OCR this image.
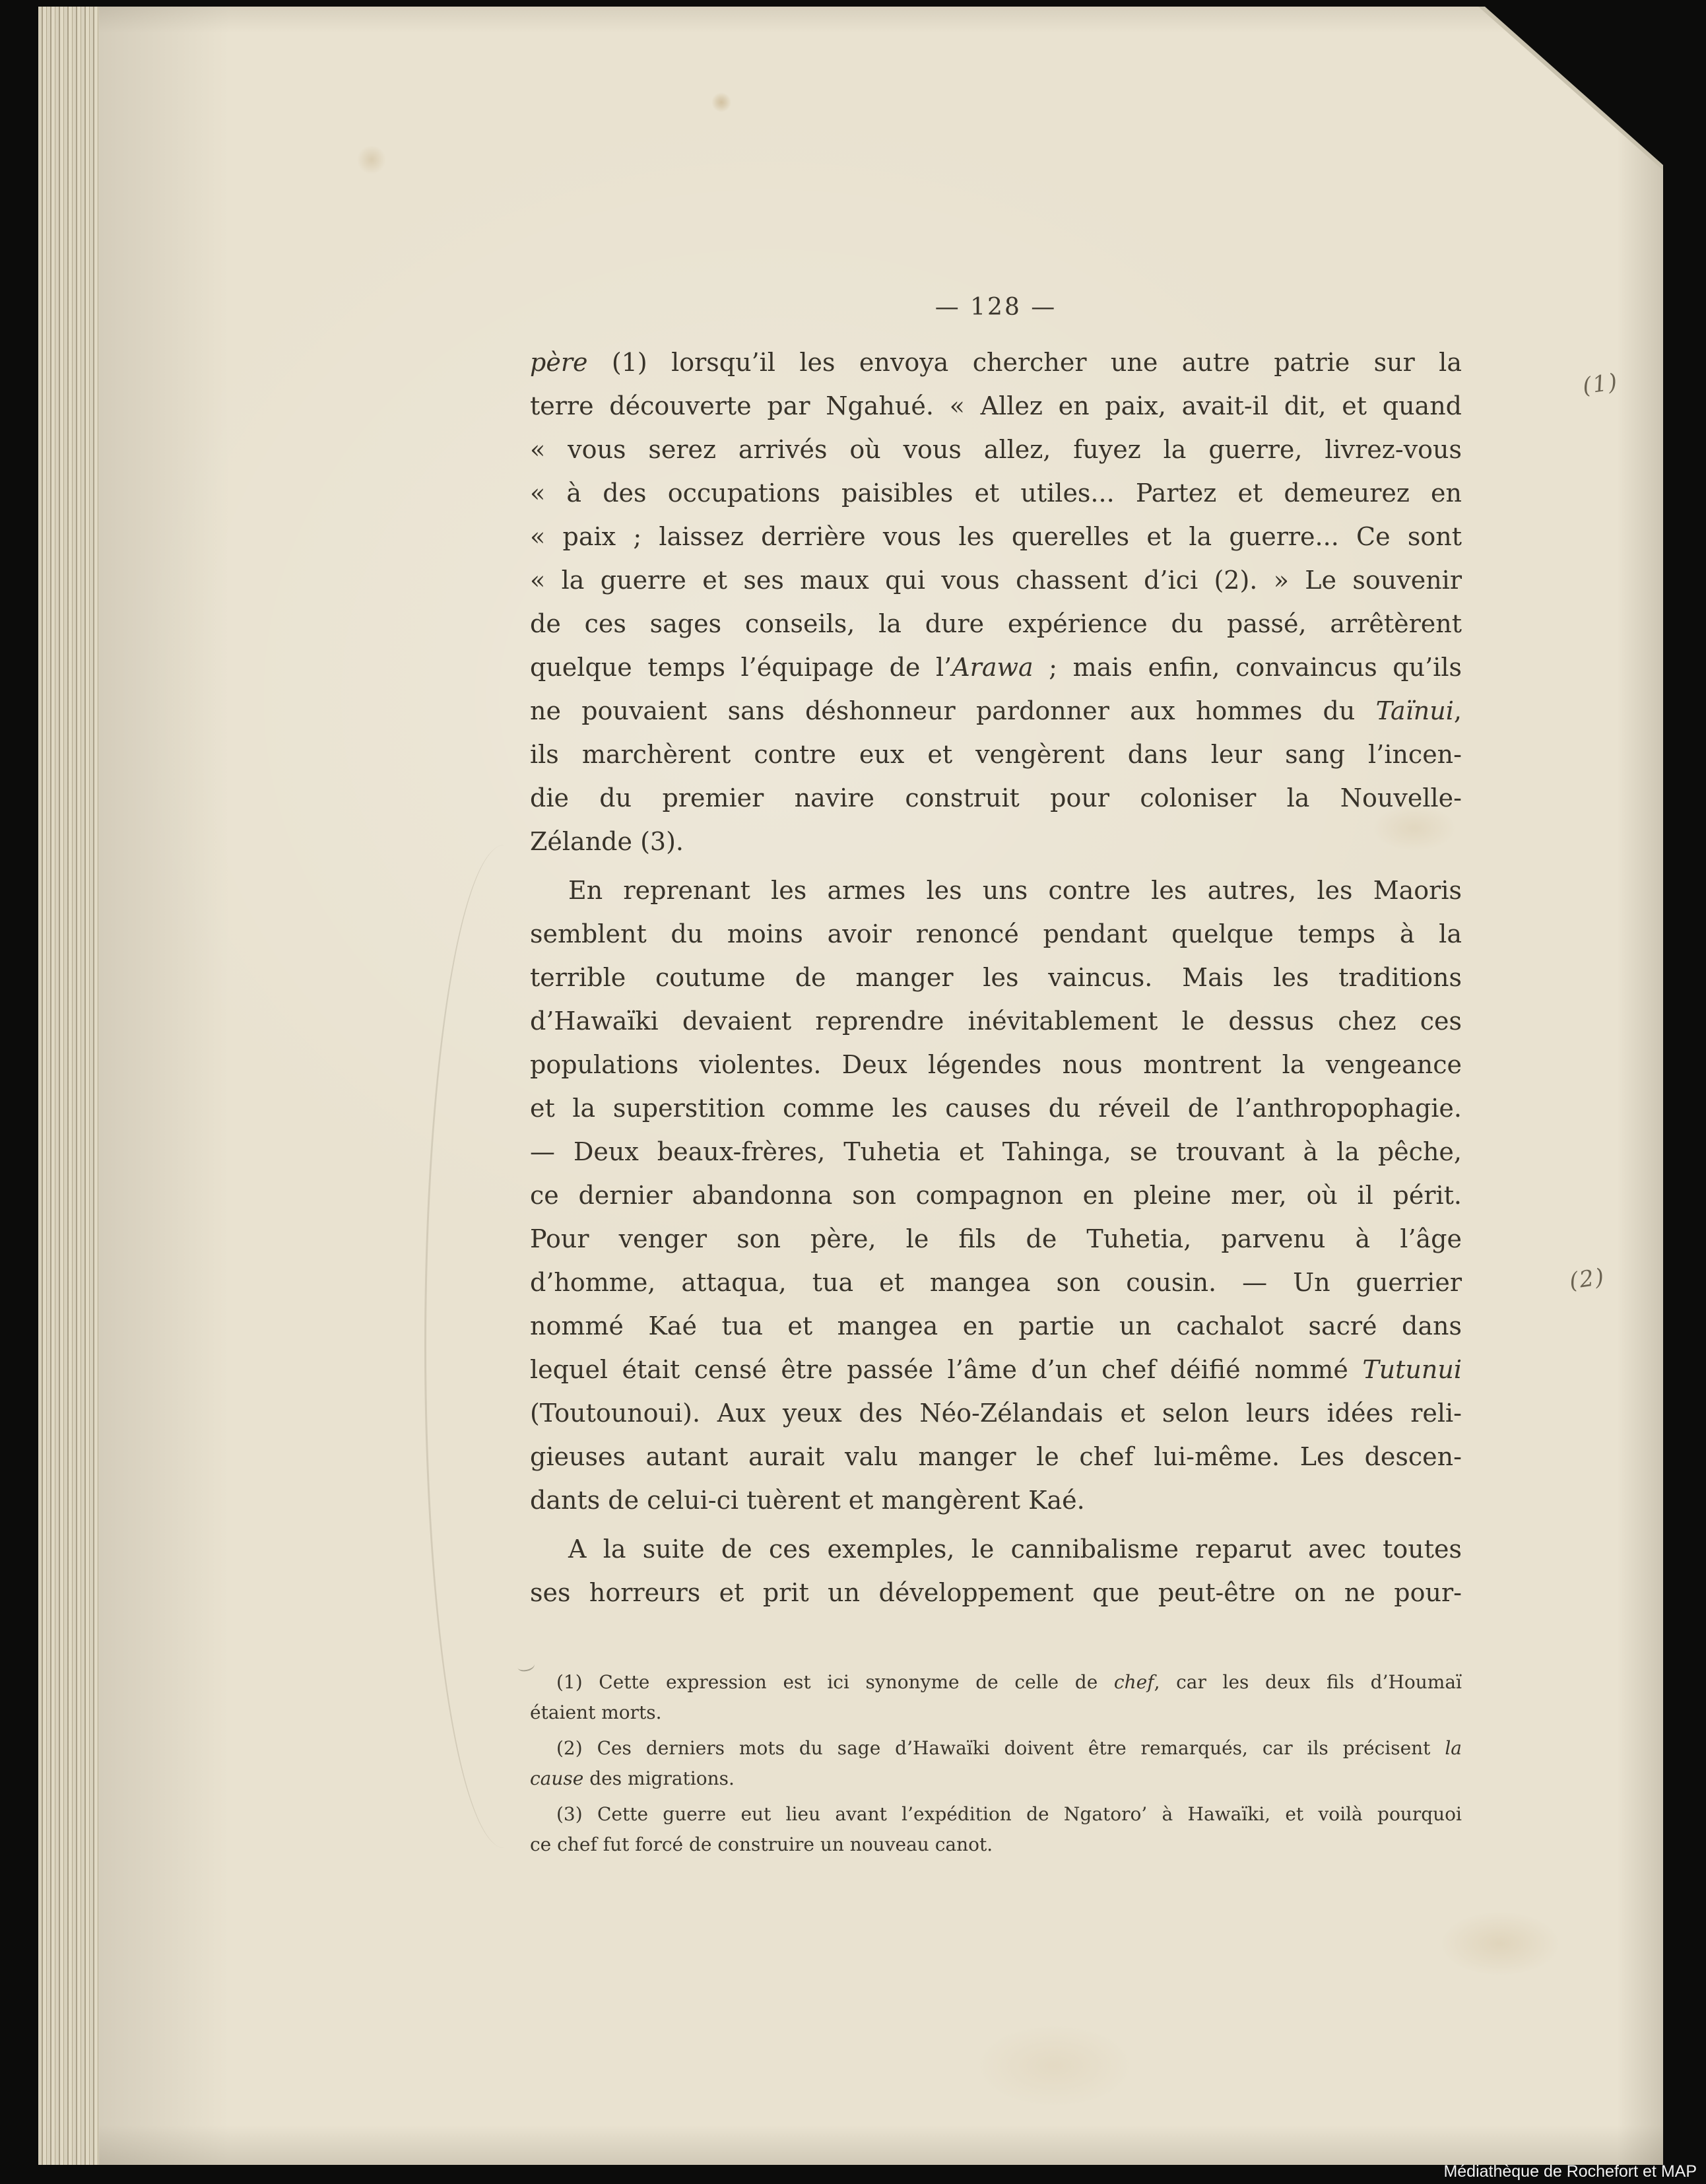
— 128 —
père (1) lorsqu’il les envoya chercher une autre patrie sur la
terre découverte par Ngahué. « Allez en paix, avait-il dit, et quand
« vous serez arrivés où vous allez, fuyez la guerre, livrez-vous
« à des occupations paisibles et utiles... Partez et demeurez en
« paix ; laissez derrière vous les querelles et la guerre... Ce sont
« la guerre et ses maux qui vous chassent d’ici (2). » Le souvenir
de ces sages conseils, la dure expérience du passé, arrêtèrent
quelque temps l’équipage de l’Arawa ; mais enfin, convaincus qu’ils
ne pouvaient sans déshonneur pardonner aux hommes du Taïnui,
ils marchèrent contre eux et vengèrent dans leur sang l’incen-
die du premier navire construit pour coloniser la Nouvelle-
Zélande (3).
En reprenant les armes les uns contre les autres, les Maoris
semblent du moins avoir renoncé pendant quelque temps à la
terrible coutume de manger les vaincus. Mais les traditions
d’Hawaïki devaient reprendre inévitablement le dessus chez ces
populations violentes. Deux légendes nous montrent la vengeance
et la superstition comme les causes du réveil de l’anthropophagie.
— Deux beaux-frères, Tuhetia et Tahinga, se trouvant à la pêche,
ce dernier abandonna son compagnon en pleine mer, où il périt.
Pour venger son père, le fils de Tuhetia, parvenu à l’âge
d’homme, attaqua, tua et mangea son cousin. — Un guerrier
nommé Kaé tua et mangea en partie un cachalot sacré dans
lequel était censé être passée l’âme d’un chef déifié nommé Tutunui
(Toutounoui). Aux yeux des Néo-Zélandais et selon leurs idées reli-
gieuses autant aurait valu manger le chef lui-même. Les descen-
dants de celui-ci tuèrent et mangèrent Kaé.
A la suite de ces exemples, le cannibalisme reparut avec toutes
ses horreurs et prit un développement que peut-être on ne pour-
(1) Cette expression est ici synonyme de celle de chef, car les deux fils d’Houmaï
étaient morts.
(2) Ces derniers mots du sage d’Hawaïki doivent être remarqués, car ils précisent la
cause des migrations.
(3) Cette guerre eut lieu avant l’expédition de Ngatoro’ à Hawaïki, et voilà pourquoi
ce chef fut forcé de construire un nouveau canot.
(1)
(2)
Médiathèque de Rochefort et MAP
